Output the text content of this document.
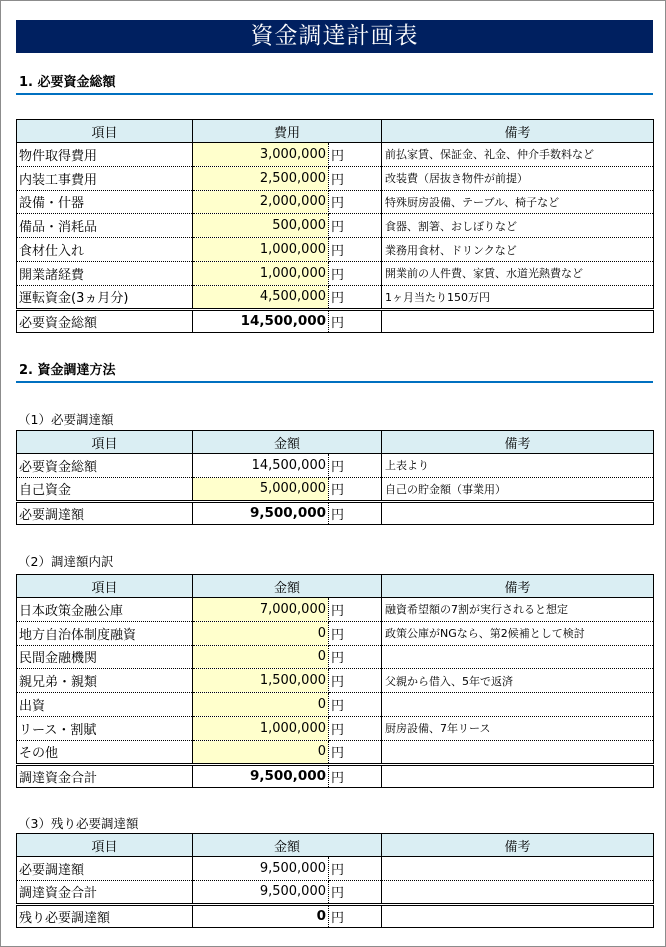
資金調達計画表
1. 必要資金総額
項目	費用		備考
物件取得費用	3,000,000	円	前払家賃、保証金、礼金、仲介手数料など
内装工事費用	2,500,000	円	改装費（居抜き物件が前提）
設備・什器	2,000,000	円	特殊厨房設備、テーブル、椅子など
備品・消耗品	500,000	円	食器、割箸、おしぼりなど
食材仕入れ	1,000,000	円	業務用食材、ドリンクなど
開業諸経費	1,000,000	円	開業前の人件費、家賃、水道光熱費など
運転資金(3ヵ月分)	4,500,000	円	1ヶ月当たり150万円
必要資金総額	14,500,000	円	
2. 資金調達方法
（1）必要調達額
項目	金額		備考
必要資金総額	14,500,000	円	上表より
自己資金	5,000,000	円	自己の貯金額（事業用）
必要調達額	9,500,000	円	
（2）調達額内訳
項目	金額		備考
日本政策金融公庫	7,000,000	円	融資希望額の7割が実行されると想定
地方自治体制度融資	0	円	政策公庫がNGなら、第2候補として検討
民間金融機関	0	円	
親兄弟・親類	1,500,000	円	父親から借入、5年で返済
出資	0	円	
リース・割賦	1,000,000	円	厨房設備、7年リース
その他	0	円	
調達資金合計	9,500,000	円	
（3）残り必要調達額
項目	金額		備考
必要調達額	9,500,000	円	
調達資金合計	9,500,000	円	
残り必要調達額	0	円	
